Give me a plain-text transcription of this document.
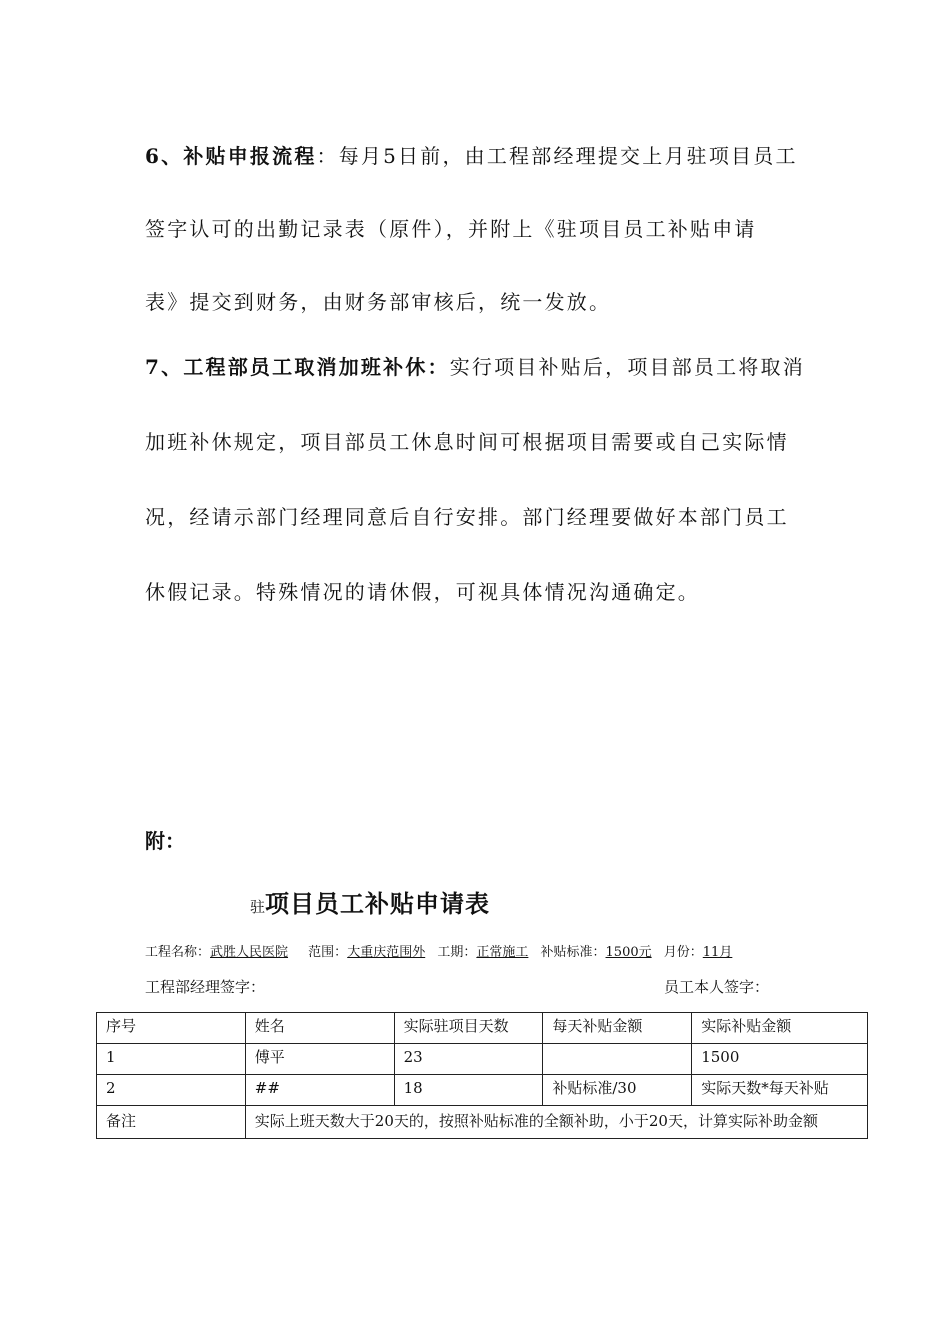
6、补贴申报流程：每月5日前，由工程部经理提交上月驻项目员工
签字认可的出勤记录表（原件），并附上《驻项目员工补贴申请
表》提交到财务，由财务部审核后，统一发放。
7、工程部员工取消加班补休：实行项目补贴后，项目部员工将取消
加班补休规定，项目部员工休息时间可根据项目需要或自己实际情
况，经请示部门经理同意后自行安排。部门经理要做好本部门员工
休假记录。特殊情况的请休假，可视具体情况沟通确定。
附：
驻项目员工补贴申请表
工程名称：武胜人民医院 范围：大重庆范围外 工期：正常施工 补贴标准：1500元 月份：11月
工程部经理签字：	员工本人签字：
序号	姓名	实际驻项目天数	每天补贴金额	实际补贴金额
1	傅平	23		1500
2	##	18	补贴标准/30	实际天数*每天补贴
备注	实际上班天数大于20天的，按照补贴标准的全额补助，小于20天，计算实际补助金额			
